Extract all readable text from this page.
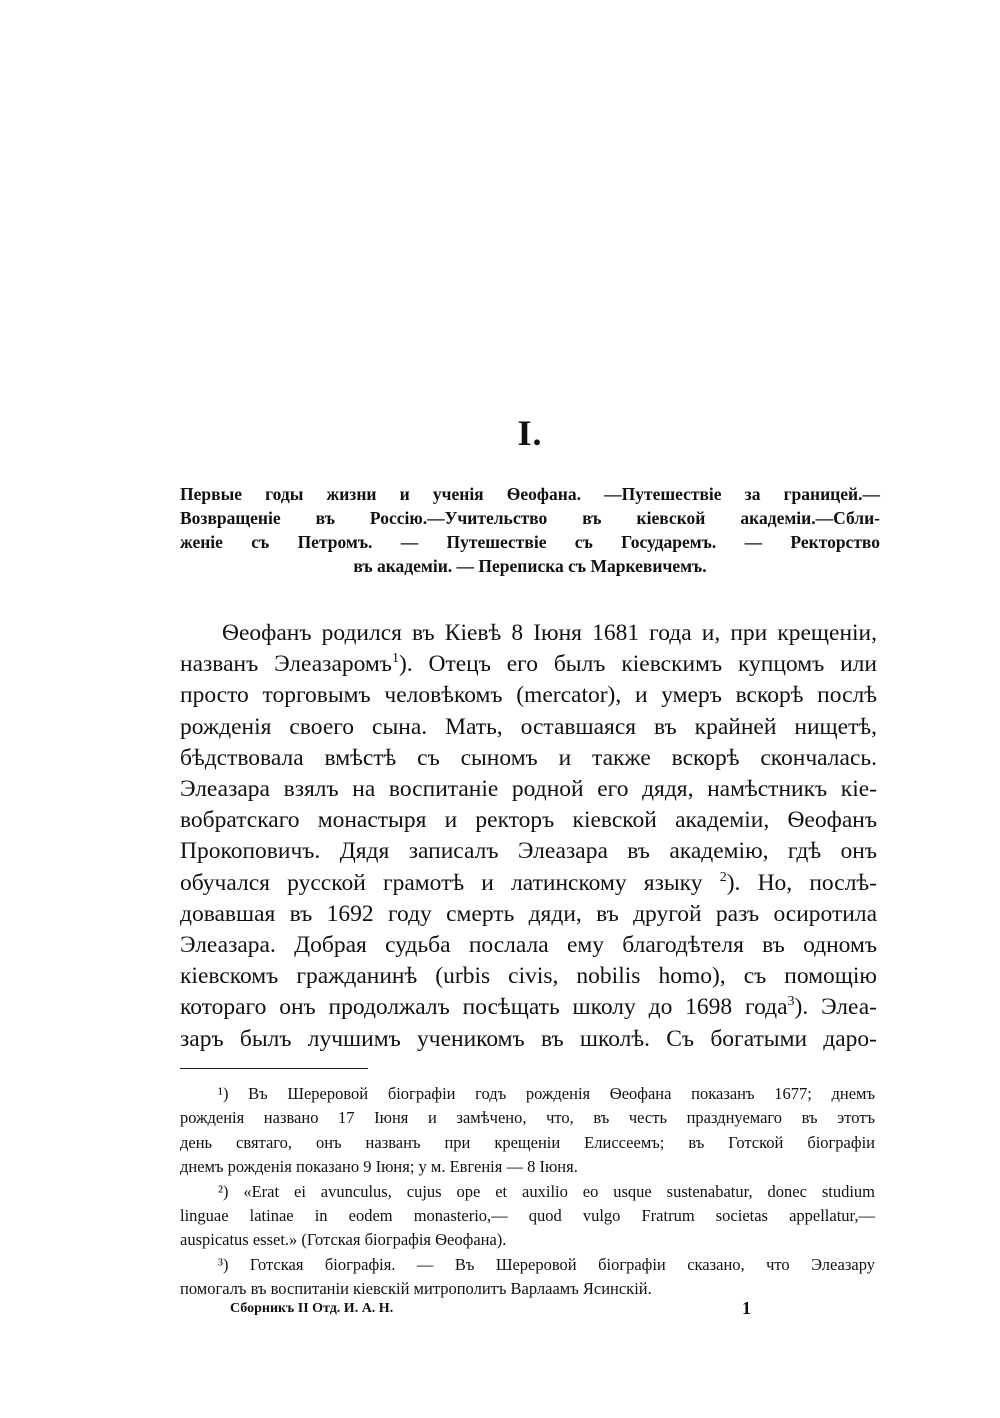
I.
Первые годы жизни и ученія Ѳеофана. —Путешествіе за границей.—
Возвращеніе въ Россію.—Учительство въ кіевской академіи.—Сбли-
женіе съ Петромъ. — Путешествіе съ Государемъ. — Ректорство
въ академіи. — Переписка съ Маркевичемъ.
Ѳеофанъ родился въ Кіевѣ 8 Іюня 1681 года и, при крещеніи,
названъ Элеазаромъ$^1$). Отецъ его былъ кіевскимъ купцомъ или
просто торговымъ человѣкомъ (mercator), и умеръ вскорѣ послѣ
рожденія своего сына. Мать, оставшаяся въ крайней нищетѣ,
бѣдствовала вмѣстѣ съ сыномъ и также вскорѣ скончалась.
Элеазара взялъ на воспитаніе родной его дядя, намѣстникъ кіе-
вобратскаго монастыря и ректоръ кіевской академіи, Ѳеофанъ
Прокоповичъ. Дядя записалъ Элеазара въ академію, гдѣ онъ
обучался русской грамотѣ и латинскому языку $^2$). Но, послѣ-
довавшая въ 1692 году смерть дяди, въ другой разъ осиротила
Элеазара. Добрая судьба послала ему благодѣтеля въ одномъ
кіевскомъ гражданинѣ (urbis civis, nobilis homo), съ помощію
котораго онъ продолжалъ посѣщать школу до 1698 года$^3$). Элеа-
заръ былъ лучшимъ ученикомъ въ школѣ. Съ богатыми даро-
¹) Въ Шереровой біографіи годъ рожденія Ѳеофана показанъ 1677; днемъ
рожденія названо 17 Іюня и замѣчено, что, въ честь празднуемаго въ этотъ
день святаго, онъ названъ при крещеніи Елиссеемъ; въ Готской біографіи
днемъ рожденія показано 9 Іюня; у м. Евгенія — 8 Іюня.
²) «Erat ei avunculus, cujus ope et auxilio eo usque sustenabatur, donec studium
linguae latinae in eodem monasterio,— quod vulgo Fratrum societas appellatur,—
auspicatus esset.» (Готская біографія Ѳеофана).
³) Готская біографія. — Въ Шереровой біографіи сказано, что Элеазару
помогалъ въ воспитаніи кіевскій митрополитъ Варлаамъ Ясинскій.
Сборникъ II Отд. И. А. Н.	1
